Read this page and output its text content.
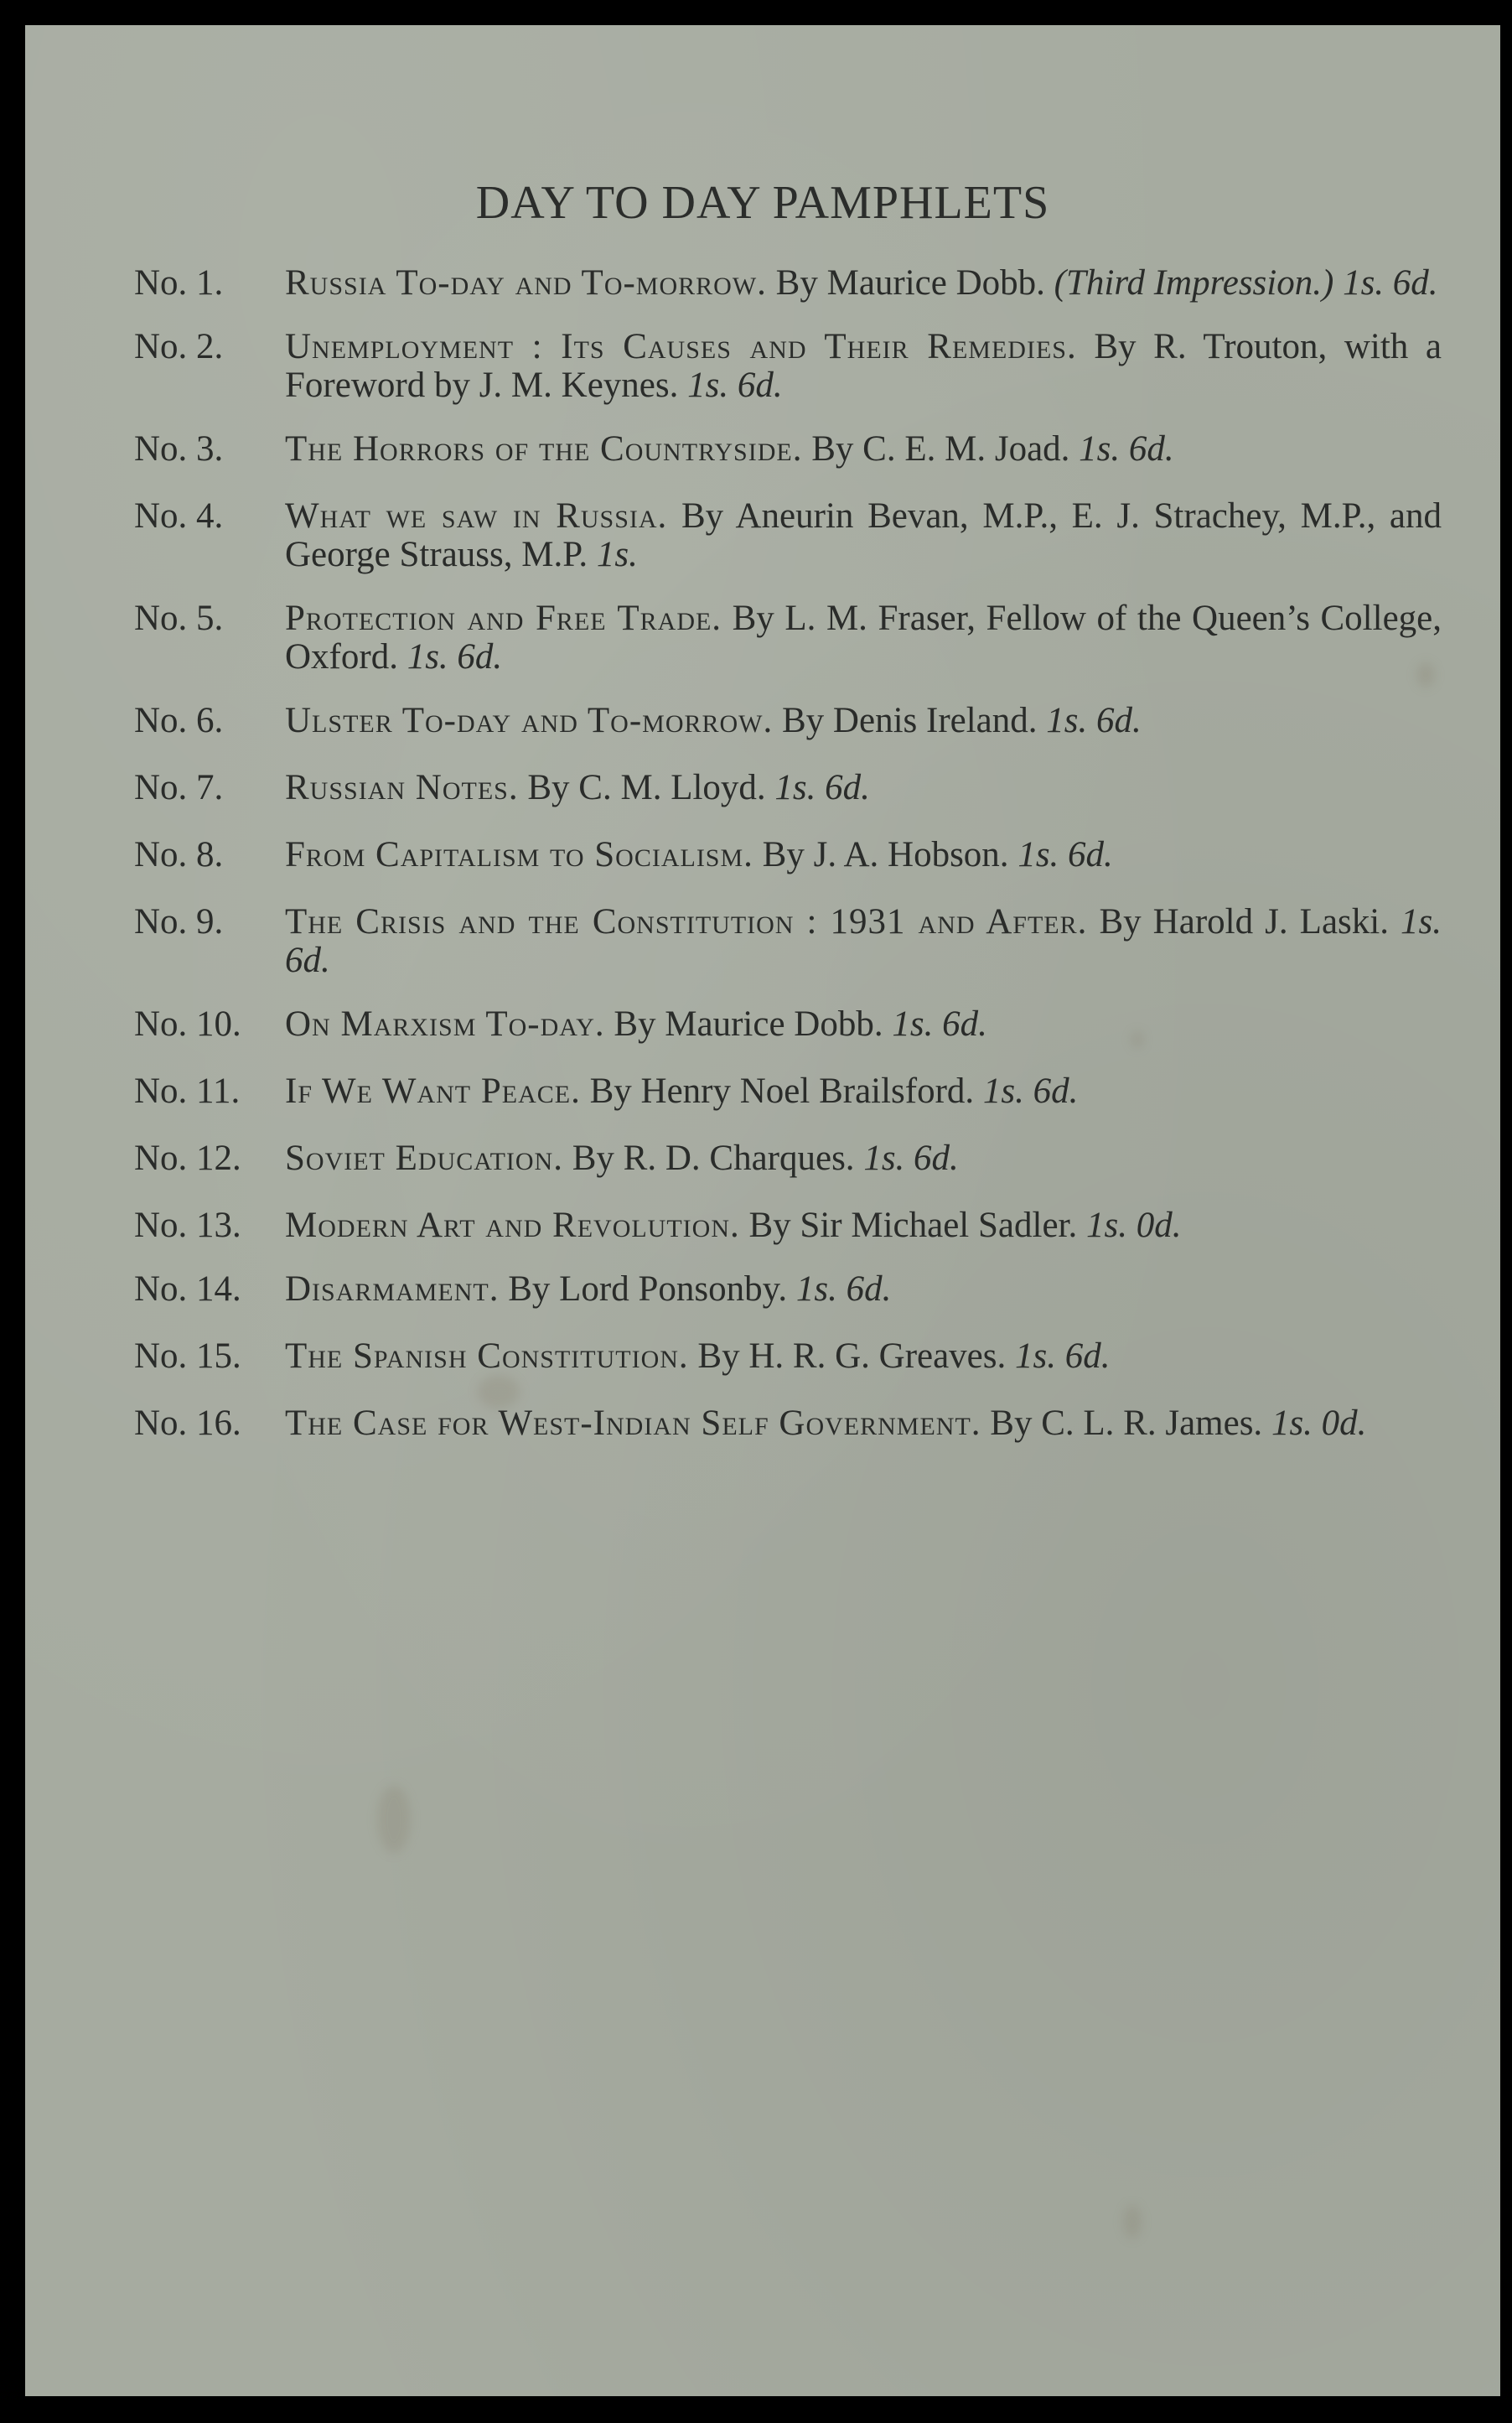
DAY TO DAY PAMPHLETS
No. 1. Russia To-day and To-morrow. By Maurice Dobb. (Third Impression.) 1s. 6d.
No. 2. Unemployment : Its Causes and Their Remedies. By R. Trouton, with a Foreword by J. M. Keynes. 1s. 6d.
No. 3. The Horrors of the Countryside. By C. E. M. Joad. 1s. 6d.
No. 4. What we saw in Russia. By Aneurin Bevan, M.P., E. J. Strachey, M.P., and George Strauss, M.P. 1s.
No. 5. Protection and Free Trade. By L. M. Fraser, Fellow of the Queen’s College, Oxford. 1s. 6d.
No. 6. Ulster To-day and To-morrow. By Denis Ireland. 1s. 6d.
No. 7. Russian Notes. By C. M. Lloyd. 1s. 6d.
No. 8. From Capitalism to Socialism. By J. A. Hobson. 1s. 6d.
No. 9. The Crisis and the Constitution : 1931 and After. By Harold J. Laski. 1s. 6d.
No. 10. On Marxism To-day. By Maurice Dobb. 1s. 6d.
No. 11. If We Want Peace. By Henry Noel Brailsford. 1s. 6d.
No. 12. Soviet Education. By R. D. Charques. 1s. 6d.
No. 13. Modern Art and Revolution. By Sir Michael Sadler. 1s. 0d.
No. 14. Disarmament. By Lord Ponsonby. 1s. 6d.
No. 15. The Spanish Constitution. By H. R. G. Greaves. 1s. 6d.
No. 16. The Case for West-Indian Self Government. By C. L. R. James. 1s. 0d.
